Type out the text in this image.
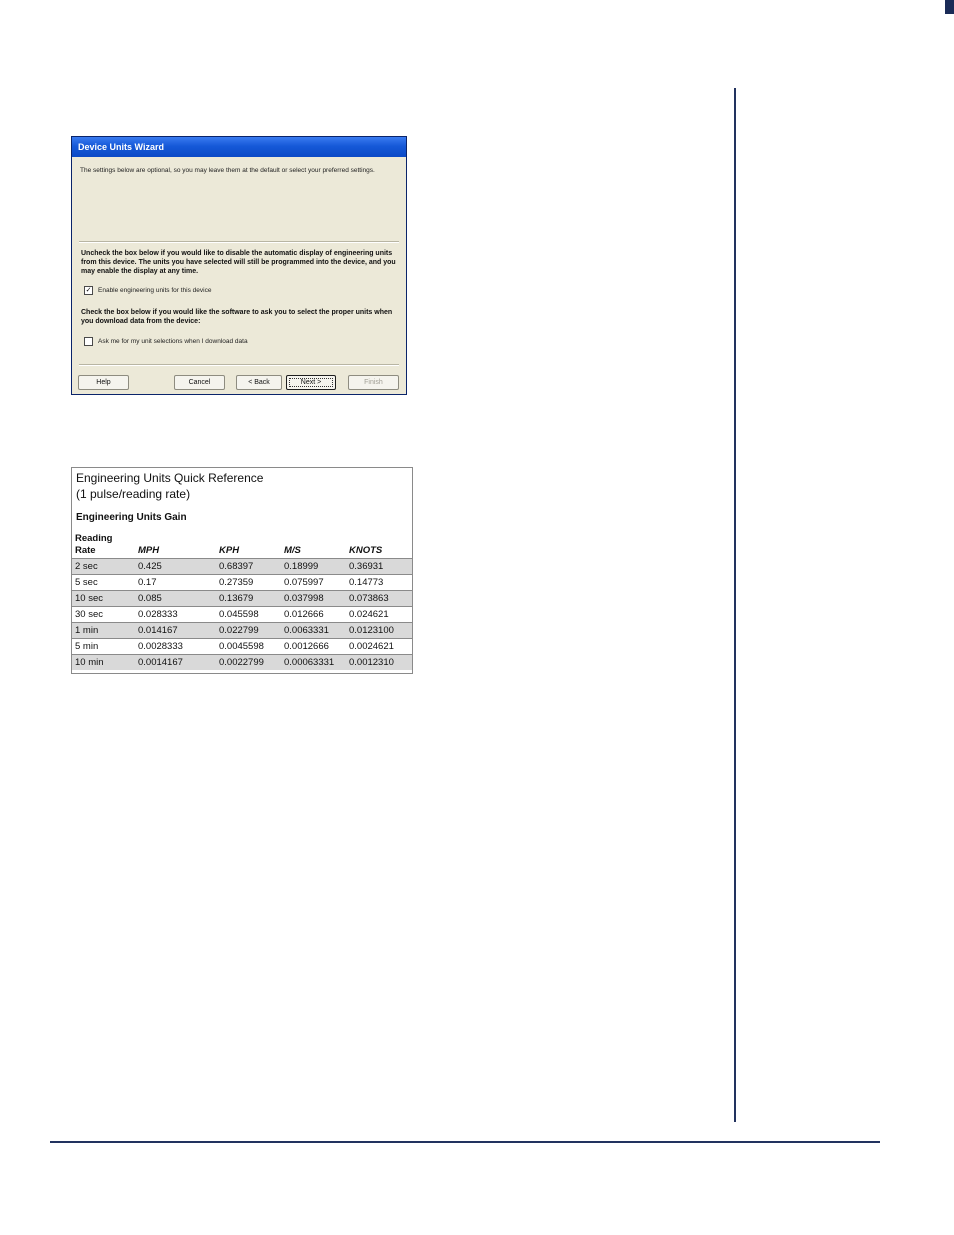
Device Units Wizard
The settings below are optional, so you may leave them at the default or select your preferred settings.
Uncheck the box below if you would like to disable the automatic display of engineering units from this device. The units you have selected will still be programmed into the device, and you may enable the display at any time.
✓ Enable engineering units for this device
Check the box below if you would like the software to ask you to select the proper units when you download data from the device:
Ask me for my unit selections when I download data
Help	Cancel	< Back	Next >	Finish
Engineering Units Quick Reference
(1 pulse/reading rate)
Engineering Units Gain
Reading
Rate	MPH	KPH	M/S	KNOTS
2 sec	0.425	0.68397	0.18999	0.36931
5 sec	0.17	0.27359	0.075997	0.14773
10 sec	0.085	0.13679	0.037998	0.073863
30 sec	0.028333	0.045598	0.012666	0.024621
1 min	0.014167	0.022799	0.0063331	0.0123100
5 min	0.0028333	0.0045598	0.0012666	0.0024621
10 min	0.0014167	0.0022799	0.00063331	0.0012310
